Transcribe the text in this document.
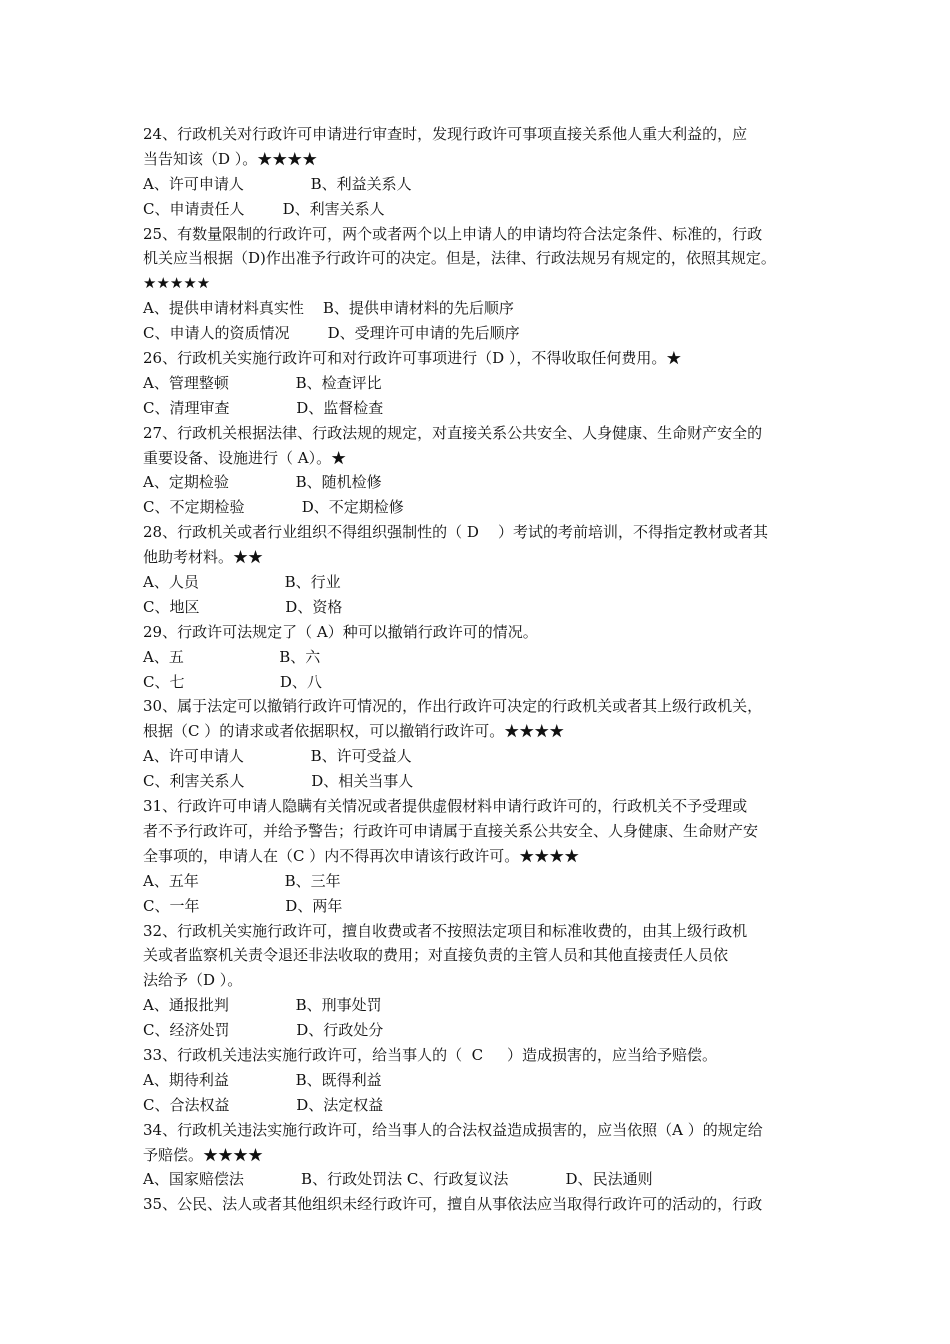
24、行政机关对行政许可申请进行审查时，发现行政许可事项直接关系他人重大利益的，应
当告知该（D ）。★★★★
A、许可申请人              B、利益关系人
C、申请责任人        D、利害关系人
25、有数量限制的行政许可，两个或者两个以上申请人的申请均符合法定条件、标准的，行政
机关应当根据（D)作出准予行政许可的决定。但是，法律、行政法规另有规定的，依照其规定。
★★★★★
A、提供申请材料真实性    B、提供申请材料的先后顺序
C、申请人的资质情况        D、受理许可申请的先后顺序
26、行政机关实施行政许可和对行政许可事项进行（D ），不得收取任何费用。★
A、管理整顿              B、检查评比
C、清理审查              D、监督检查
27、行政机关根据法律、行政法规的规定，对直接关系公共安全、人身健康、生命财产安全的
重要设备、设施进行（ A）。★
A、定期检验              B、随机检修
C、不定期检验            D、不定期检修
28、行政机关或者行业组织不得组织强制性的（ D    ）考试的考前培训，不得指定教材或者其
他助考材料。★★
A、人员                  B、行业
C、地区                  D、资格
29、行政许可法规定了（ A）种可以撤销行政许可的情况。
A、五                    B、六
C、七                    D、八
30、属于法定可以撤销行政许可情况的，作出行政许可决定的行政机关或者其上级行政机关，
根据（C ）的请求或者依据职权，可以撤销行政许可。★★★★
A、许可申请人              B、许可受益人
C、利害关系人              D、相关当事人
31、行政许可申请人隐瞒有关情况或者提供虚假材料申请行政许可的，行政机关不予受理或
者不予行政许可，并给予警告；行政许可申请属于直接关系公共安全、人身健康、生命财产安
全事项的，申请人在（C ）内不得再次申请该行政许可。★★★★
A、五年                  B、三年
C、一年                  D、两年
32、行政机关实施行政许可，擅自收费或者不按照法定项目和标准收费的，由其上级行政机
关或者监察机关责令退还非法收取的费用；对直接负责的主管人员和其他直接责任人员依
法给予（D ）。
A、通报批判              B、刑事处罚
C、经济处罚              D、行政处分
33、行政机关违法实施行政许可，给当事人的（  C     ）造成损害的，应当给予赔偿。
A、期待利益              B、既得利益
C、合法权益              D、法定权益
34、行政机关违法实施行政许可，给当事人的合法权益造成损害的，应当依照（A ）的规定给
予赔偿。★★★★
A、国家赔偿法            B、行政处罚法 C、行政复议法            D、民法通则
35、公民、法人或者其他组织未经行政许可，擅自从事依法应当取得行政许可的活动的，行政
